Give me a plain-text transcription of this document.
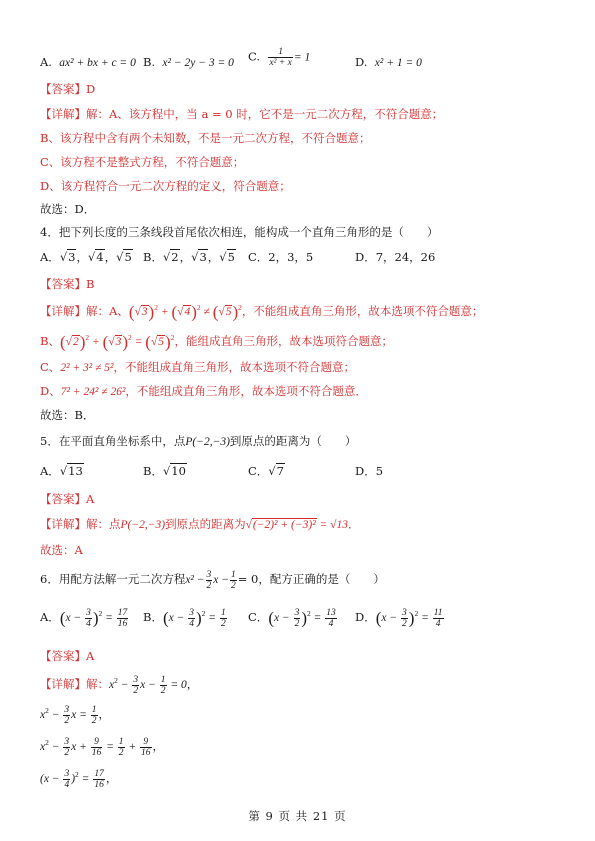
A. ax² + bx + c = 0 B. x² − 2y − 3 = 0 C. $\frac{1}{\text{x² + x}} = 1$	D. x² + 1 = 0
【答案】D
【详解】解：A、该方程中，当 a = 0 时，它不是一元二次方程，不符合题意；
B、该方程中含有两个未知数，不是一元二次方程，不符合题意；
C、该方程不是整式方程，不符合题意；
D、该方程符合一元二次方程的定义，符合题意；
故选：D．
4．把下列长度的三条线段首尾依次相连，能构成一个直角三角形的是（　　）
A．√3，√4，√5 B．√2，√3，√5 C．2，3，5	D．7，24，26
【答案】B
【详解】解：A、$(√3)^2 + (√4)^2 \ne (√5)^2$，不能组成直角三角形，故本选项不符合题意；
B、$(√2)^2 + (√3)^2 = (√5)^2$，能组成直角三角形，故本选项符合题意；
C、2² + 3² ≠ 5²，不能组成直角三角形，故本选项不符合题意；
D、7² + 24² ≠ 26²，不能组成直角三角形，故本选项不符合题意．
故选：B．
5．在平面直角坐标系中，点P(−2,−3)到原点的距离为（　　）
A．√13	B．√10	C．√7	D．5
【答案】A
【详解】解：点P(−2,−3)到原点的距离为√(−2)² + (−3)² = √13．
故选：A
6．用配方法解一元二次方程$x^2 - \frac{3}{2}$ $x - \frac{1}{2} = 0$，配方正确的是（　　）
A．$(x - \frac{3}{4} )^2 = \frac{17}{16}$ B．$(x - \frac{3}{4} )^2 = \frac{1}{2}$ C．$(x - \frac{3}{2} )^2 = \frac{13}{4}$ D．$(x - \frac{3}{2} )^2 = \frac{11}{4}$
【答案】A
【详解】解：$x^2 - \frac{3}{2}$ $x - \frac{1}{2} = 0$，
$x^2 - \frac{3}{2}$ $x = \frac{1}{2}$ ，
$x^2 - \frac{3}{2}$ $x + \frac{9}{16} = \frac{1}{2} + \frac{9}{16}$ ，
$(x - \frac{3}{4} )^2 = \frac{17}{16}$ ，
第 9 页 共 21 页
